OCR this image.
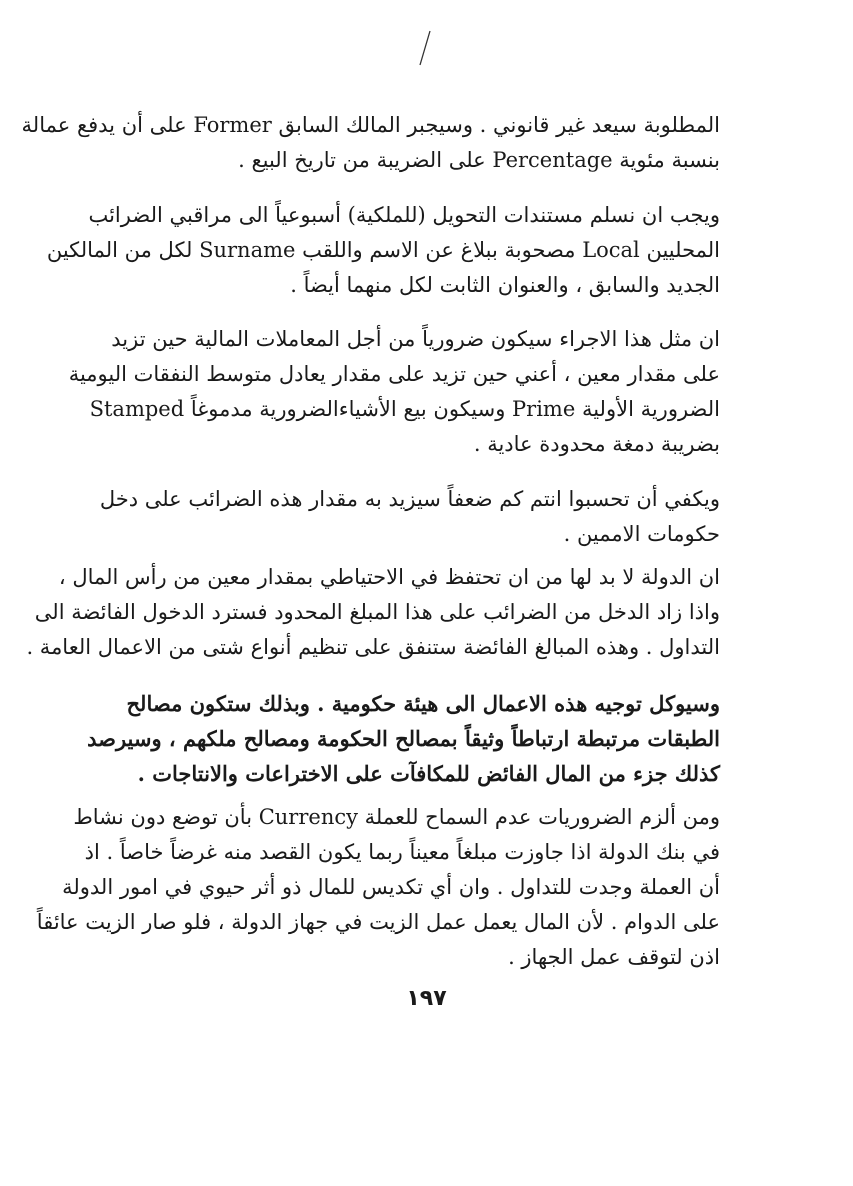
المطلوبة سيعد غير قانوني . وسيجبر المالك السابق Former على أن يدفع عمالة
بنسبة مئوية Percentage على الضريبة من تاريخ البيع .
ويجب ان نسلم مستندات التحويل (للملكية) أسبوعياً الى مراقبي الضرائب
المحليين Local مصحوبة ببلاغ عن الاسم واللقب Surname لكل من المالكين
الجديد والسابق ، والعنوان الثابت لكل منهما أيضاً .
ان مثل هذا الاجراء سيكون ضرورياً من أجل المعاملات المالية حين تزيد
على مقدار معين ، أعني حين تزيد على مقدار يعادل متوسط النفقات اليومية
الضرورية الأولية Prime وسيكون بيع الأشياءالضرورية مدموغاً Stamped
بضريبة دمغة محدودة عادية .
ويكفي أن تحسبوا انتم كم ضعفاً سيزيد به مقدار هذه الضرائب على دخل
حكومات الاممين .
ان الدولة لا بد لها من ان تحتفظ في الاحتياطي بمقدار معين من رأس المال ،
واذا زاد الدخل من الضرائب على هذا المبلغ المحدود فسترد الدخول الفائضة الى
التداول . وهذه المبالغ الفائضة ستنفق على تنظيم أنواع شتى من الاعمال العامة .
وسيوكل توجيه هذه الاعمال الى هيئة حكومية . وبذلك ستكون مصالح
الطبقات مرتبطة ارتباطاً وثيقاً بمصالح الحكومة ومصالح ملكهم ، وسيرصد
كذلك جزء من المال الفائض للمكافآت على الاختراعات والانتاجات .
ومن ألزم الضروريات عدم السماح للعملة Currency بأن توضع دون نشاط
في بنك الدولة اذا جاوزت مبلغاً معيناً ربما يكون القصد منه غرضاً خاصاً . اذ
أن العملة وجدت للتداول . وان أي تكديس للمال ذو أثر حيوي في امور الدولة
على الدوام . لأن المال يعمل عمل الزيت في جهاز الدولة ، فلو صار الزيت عائقاً
اذن لتوقف عمل الجهاز .
١٩٧
